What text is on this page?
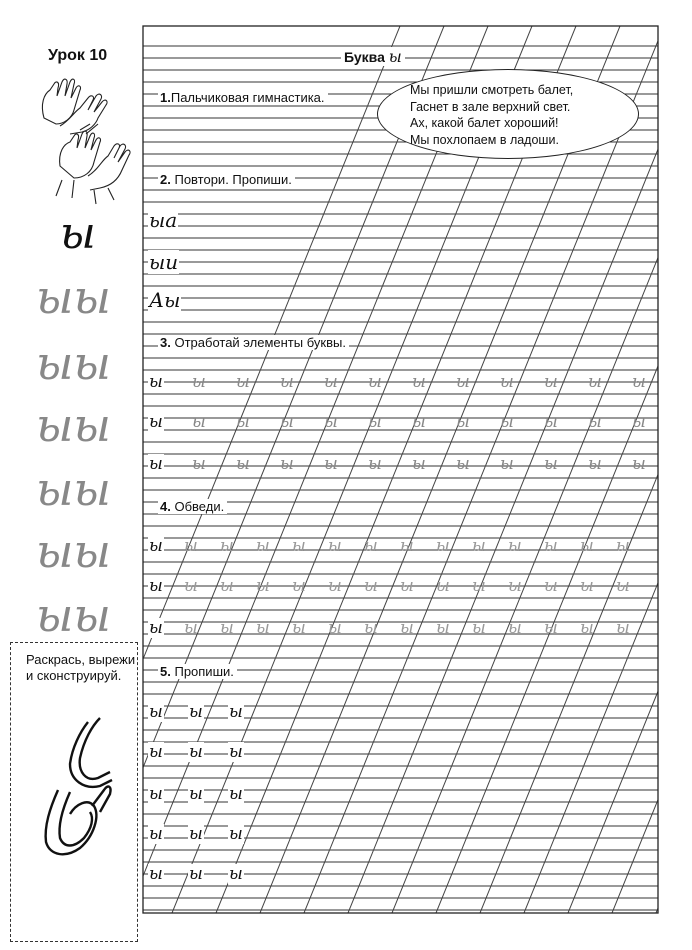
Урок 10	Буква ы
1.Пальчиковая гимнастика.
2. Повтори. Пропиши.
3. Отработай элементы буквы.
4. Обведи.
5. Пропиши.
Мы пришли смотреть балет,
Гаснет в зале верхний свет.
Ах, какой балет хороший!
Мы похлопаем в ладоши.
ыа
ыи
Аы
ы
ыы
ыы
ыы
ыы
ыы
ыы
ы ы ы ы ы ы ы ы ы ы ы ы
ы ы ы ы ы ы ы ы ы ы ы ы
ы ы ы ы ы ы ы ы ы ы ы ы
ы ы ы ы ы ы ы ы ы ы ы ы ы ы
ы ы ы ы ы ы ы ы ы ы ы ы ы ы
ы ы ы ы ы ы ы ы ы ы ы ы ы ы
ы ы ы
ы ы ы
ы ы ы
ы ы ы
ы ы ы
Раскрась, вырежи и сконструируй.
